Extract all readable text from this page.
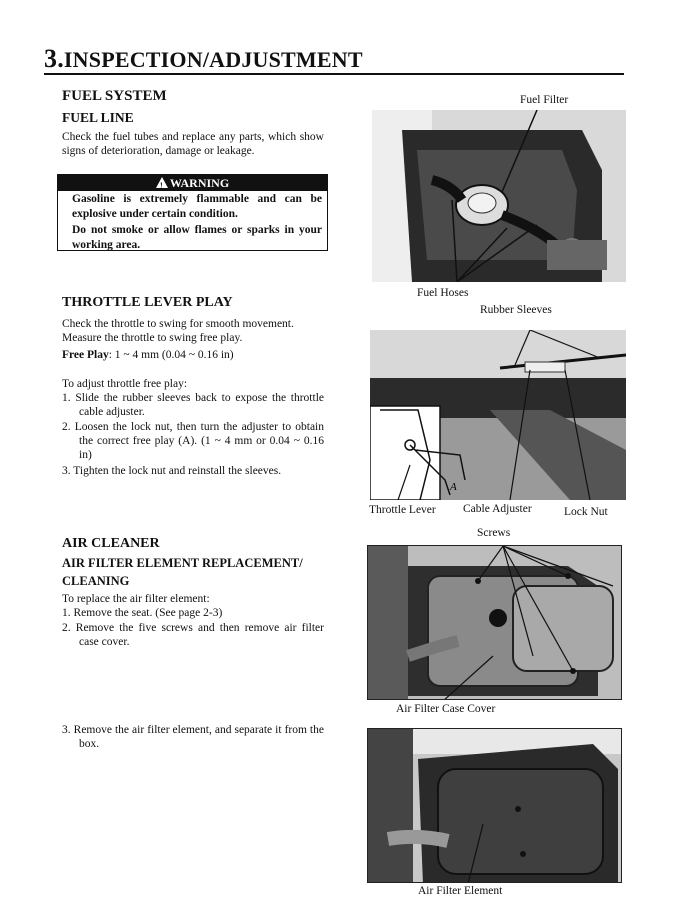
3.INSPECTION/ADJUSTMENT
FUEL SYSTEM
FUEL LINE
Check the fuel tubes and replace any parts, which show signs of deterioration, damage or leakage.
!WARNING
Gasoline is extremely flammable and can be explosive under certain condition.
Do not smoke or allow flames or sparks in your working area.
Fuel Filter
Fuel Hoses
THROTTLE LEVER PLAY
Check the throttle to swing for smooth movement. Measure the throttle to swing free play.
Free Play: 1 ~ 4 mm (0.04 ~ 0.16 in)
To adjust throttle free play:
1. Slide the rubber sleeves back to expose the throttle cable adjuster.
2. Loosen the lock nut, then turn the adjuster to obtain the correct free play (A). (1 ~ 4 mm or 0.04 ~ 0.16 in)
3. Tighten the lock nut and reinstall the sleeves.
Rubber Sleeves
A
Throttle Lever Cable Adjuster	Lock Nut
AIR CLEANER
AIR FILTER ELEMENT REPLACEMENT/
CLEANING
To replace the air filter element:
1. Remove the seat. (See page 2-3)
2. Remove the five screws and then remove air filter case cover.
3. Remove the air filter element, and separate it from the box.
Screws
Air Filter Case Cover
Air Filter Element
